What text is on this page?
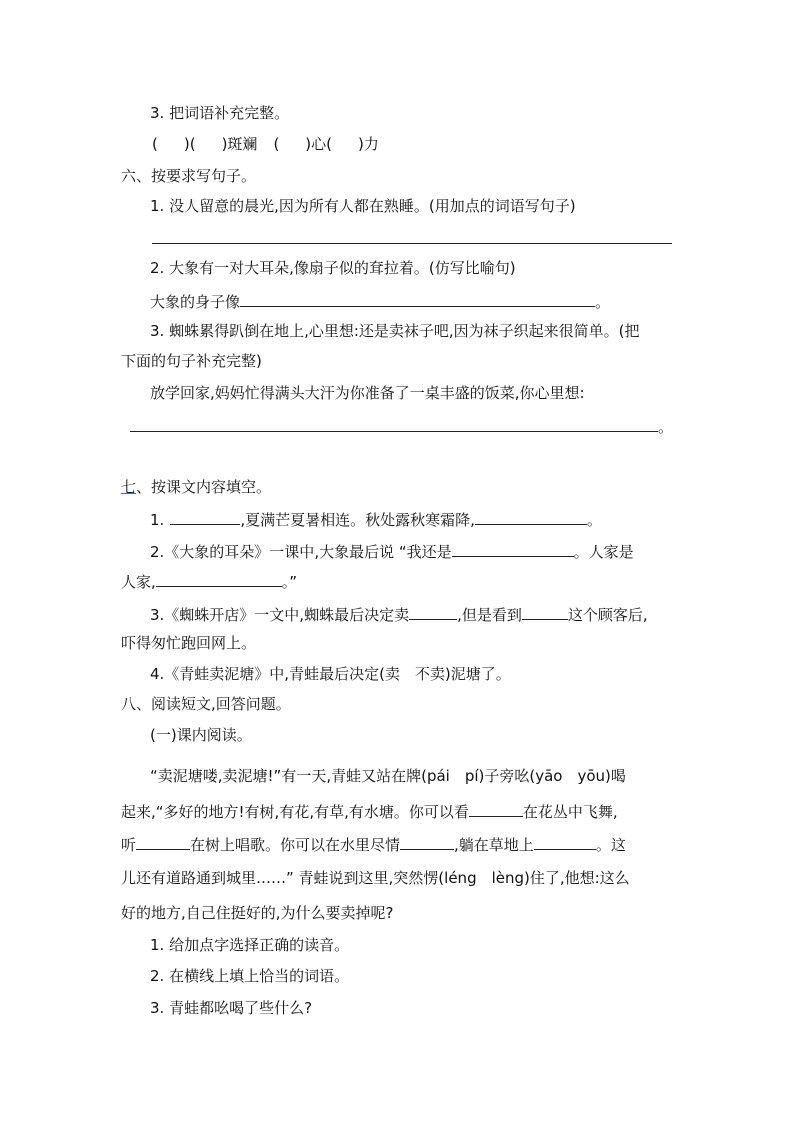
3. 把词语补充完整。
( )( )斑斓 ( )心( )力
六、按要求写句子。
1. 没人留意的晨光,因为所有人都在熟睡。(用加点的词语写句子)
2. 大象有一对大耳朵,像扇子似的耷拉着。(仿写比喻句)
大象的身子像	。
3. 蜘蛛累得趴倒在地上,心里想:还是卖袜子吧,因为袜子织起来很简单。(把
下面的句子补充完整)
放学回家,妈妈忙得满头大汗为你准备了一桌丰盛的饭菜,你心里想:
。
七、按课文内容填空。
1.	,夏满芒夏暑相连。秋处露秋寒霜降,	。
2.《大象的耳朵》一课中,大象最后说 “我还是	。人家是
人家,	。”
3.《蜘蛛开店》一文中,蜘蛛最后决定卖	,但是看到	这个顾客后,
吓得匆忙跑回网上。
4.《青蛙卖泥塘》中,青蛙最后决定(卖　不卖)泥塘了。
八、阅读短文,回答问题。
(一)课内阅读。
“卖泥塘喽,卖泥塘!”有一天,青蛙又站在牌(pái　pí)子旁吆(yāo　yōu)喝
起来,“多好的地方!有树,有花,有草,有水塘。你可以看	在花丛中飞舞,
听	在树上唱歌。你可以在水里尽情	,躺在草地上	。这
儿还有道路通到城里……” 青蛙说到这里,突然愣(léng　lèng)住了,他想:这么
好的地方,自己住挺好的,为什么要卖掉呢?
1. 给加点字选择正确的读音。
2. 在横线上填上恰当的词语。
3. 青蛙都吆喝了些什么?
